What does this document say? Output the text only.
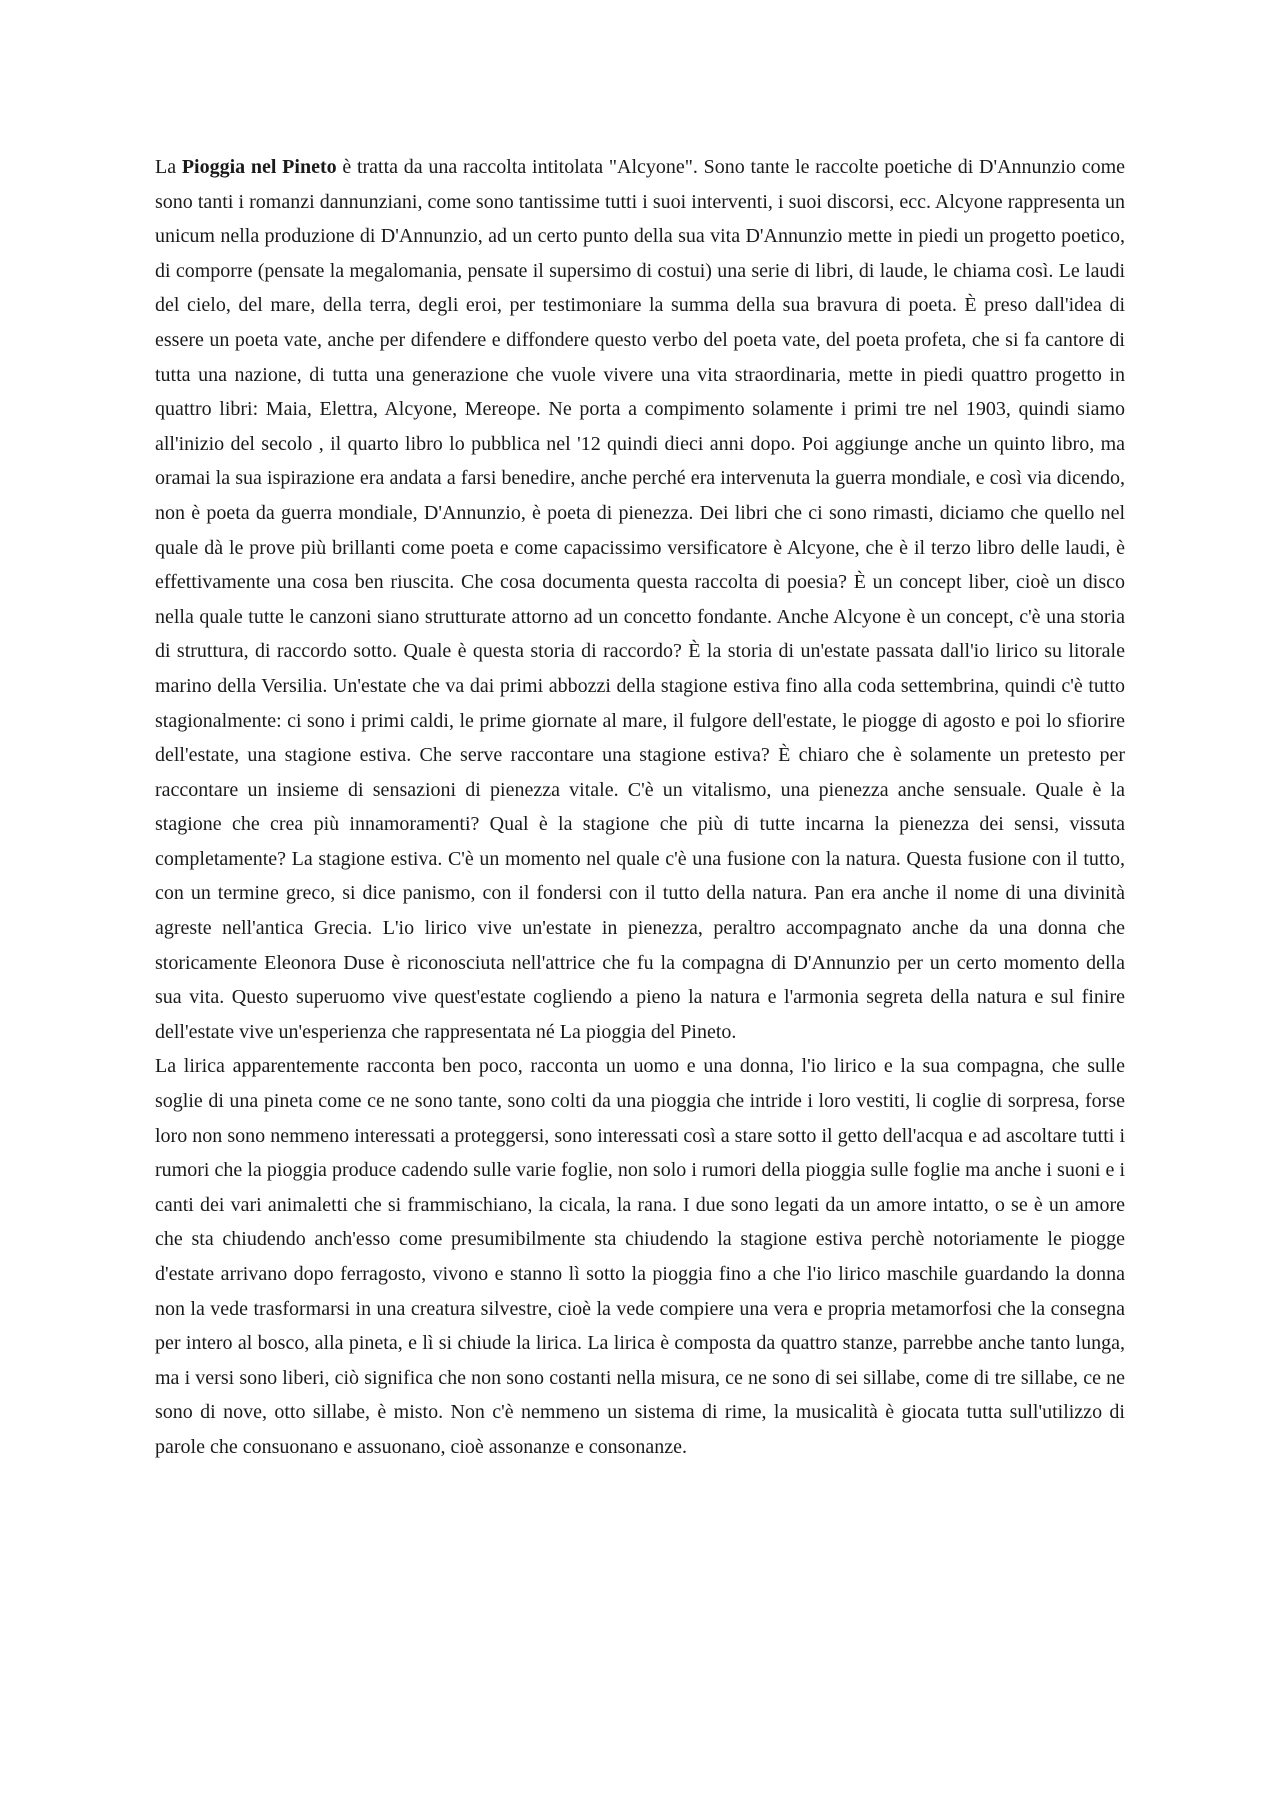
La Pioggia nel Pineto è tratta da una raccolta intitolata "Alcyone". Sono tante le raccolte poetiche di D'Annunzio come sono tanti i romanzi dannunziani, come sono tantissime tutti i suoi interventi, i suoi discorsi, ecc. Alcyone rappresenta un unicum nella produzione di D'Annunzio, ad un certo punto della sua vita D'Annunzio mette in piedi un progetto poetico, di comporre (pensate la megalomania, pensate il supersimo di costui) una serie di libri, di laude, le chiama così. Le laudi del cielo, del mare, della terra, degli eroi, per testimoniare la summa della sua bravura di poeta. È preso dall'idea di essere un poeta vate, anche per difendere e diffondere questo verbo del poeta vate, del poeta profeta, che si fa cantore di tutta una nazione, di tutta una generazione che vuole vivere una vita straordinaria, mette in piedi quattro progetto in quattro libri: Maia, Elettra, Alcyone, Mereope. Ne porta a compimento solamente i primi tre nel 1903, quindi siamo all'inizio del secolo , il quarto libro lo pubblica nel '12 quindi dieci anni dopo. Poi aggiunge anche un quinto libro, ma oramai la sua ispirazione era andata a farsi benedire, anche perché era intervenuta la guerra mondiale, e così via dicendo, non è poeta da guerra mondiale, D'Annunzio, è poeta di pienezza. Dei libri che ci sono rimasti, diciamo che quello nel quale dà le prove più brillanti come poeta e come capacissimo versificatore è Alcyone, che è il terzo libro delle laudi, è effettivamente una cosa ben riuscita. Che cosa documenta questa raccolta di poesia? È un concept liber, cioè un disco nella quale tutte le canzoni siano strutturate attorno ad un concetto fondante. Anche Alcyone è un concept, c'è una storia di struttura, di raccordo sotto. Quale è questa storia di raccordo? È la storia di un'estate passata dall'io lirico su litorale marino della Versilia. Un'estate che va dai primi abbozzi della stagione estiva fino alla coda settembrina, quindi c'è tutto stagionalmente: ci sono i primi caldi, le prime giornate al mare, il fulgore dell'estate, le piogge di agosto e poi lo sfiorire dell'estate, una stagione estiva. Che serve raccontare una stagione estiva? È chiaro che è solamente un pretesto per raccontare un insieme di sensazioni di pienezza vitale. C'è un vitalismo, una pienezza anche sensuale. Quale è la stagione che crea più innamoramenti? Qual è la stagione che più di tutte incarna la pienezza dei sensi, vissuta completamente? La stagione estiva. C'è un momento nel quale c'è una fusione con la natura. Questa fusione con il tutto, con un termine greco, si dice panismo, con il fondersi con il tutto della natura. Pan era anche il nome di una divinità agreste nell'antica Grecia. L'io lirico vive un'estate in pienezza, peraltro accompagnato anche da una donna che storicamente Eleonora Duse è riconosciuta nell'attrice che fu la compagna di D'Annunzio per un certo momento della sua vita. Questo superuomo vive quest'estate cogliendo a pieno la natura e l'armonia segreta della natura e sul finire dell'estate vive un'esperienza che rappresentata né La pioggia del Pineto.

La lirica apparentemente racconta ben poco, racconta un uomo e una donna, l'io lirico e la sua compagna, che sulle soglie di una pineta come ce ne sono tante, sono colti da una pioggia che intride i loro vestiti, li coglie di sorpresa, forse loro non sono nemmeno interessati a proteggersi, sono interessati così a stare sotto il getto dell'acqua e ad ascoltare tutti i rumori che la pioggia produce cadendo sulle varie foglie, non solo i rumori della pioggia sulle foglie ma anche i suoni e i canti dei vari animaletti che si frammischiano, la cicala, la rana. I due sono legati da un amore intatto, o se è un amore che sta chiudendo anch'esso come presumibilmente sta chiudendo la stagione estiva perchè notoriamente le piogge d'estate arrivano dopo ferragosto, vivono e stanno lì sotto la pioggia fino a che l'io lirico maschile guardando la donna non la vede trasformarsi in una creatura silvestre, cioè la vede compiere una vera e propria metamorfosi che la consegna per intero al bosco, alla pineta, e lì si chiude la lirica. La lirica è composta da quattro stanze, parrebbe anche tanto lunga, ma i versi sono liberi, ciò significa che non sono costanti nella misura, ce ne sono di sei sillabe, come di tre sillabe, ce ne sono di nove, otto sillabe, è misto. Non c'è nemmeno un sistema di rime, la musicalità è giocata tutta sull'utilizzo di parole che consuonano e assuonano, cioè assonanze e consonanze.
